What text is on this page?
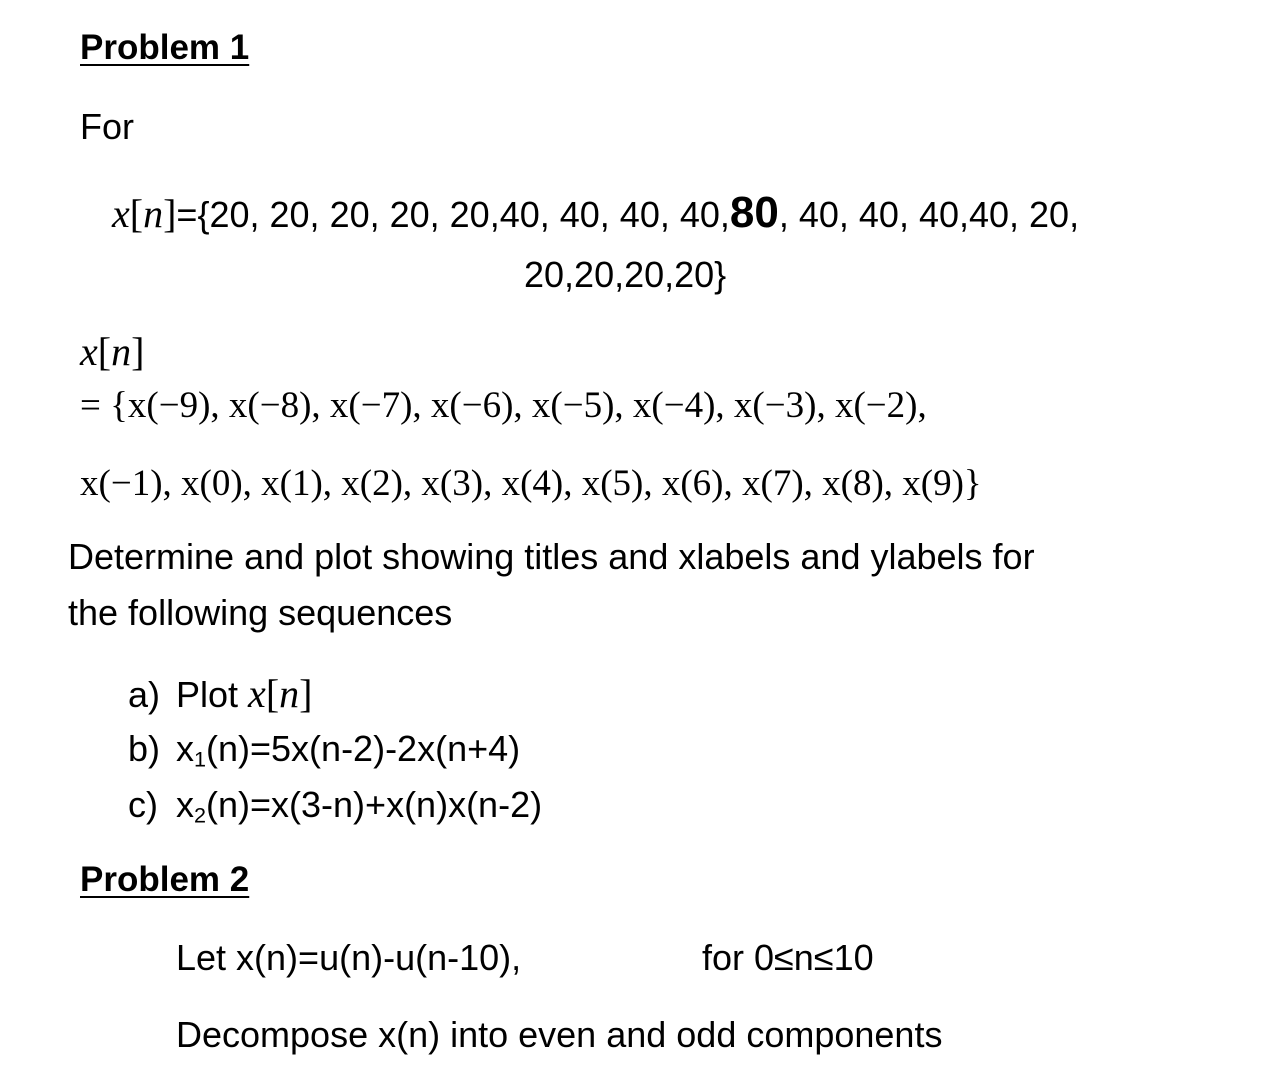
Problem 1
For
x[n]={20, 20, 20, 20, 20,40, 40, 40, 40,80, 40, 40, 40,40, 20,
20,20,20,20}
x[n]
= {x(−9), x(−8), x(−7), x(−6), x(−5), x(−4), x(−3), x(−2),
x(−1), x(0), x(1), x(2), x(3), x(4), x(5), x(6), x(7), x(8), x(9)}
Determine and plot showing titles and xlabels and ylabels for
the following sequences
a) Plot x[n]
b) $x_1(n)=5x(n-2)-2x(n+4)$
c) $x_2(n)=x(3-n)+x(n)x(n-2)$
Problem 2
Let x(n)=u(n)-u(n-10),	for 0≤n≤10
Decompose x(n) into even and odd components
